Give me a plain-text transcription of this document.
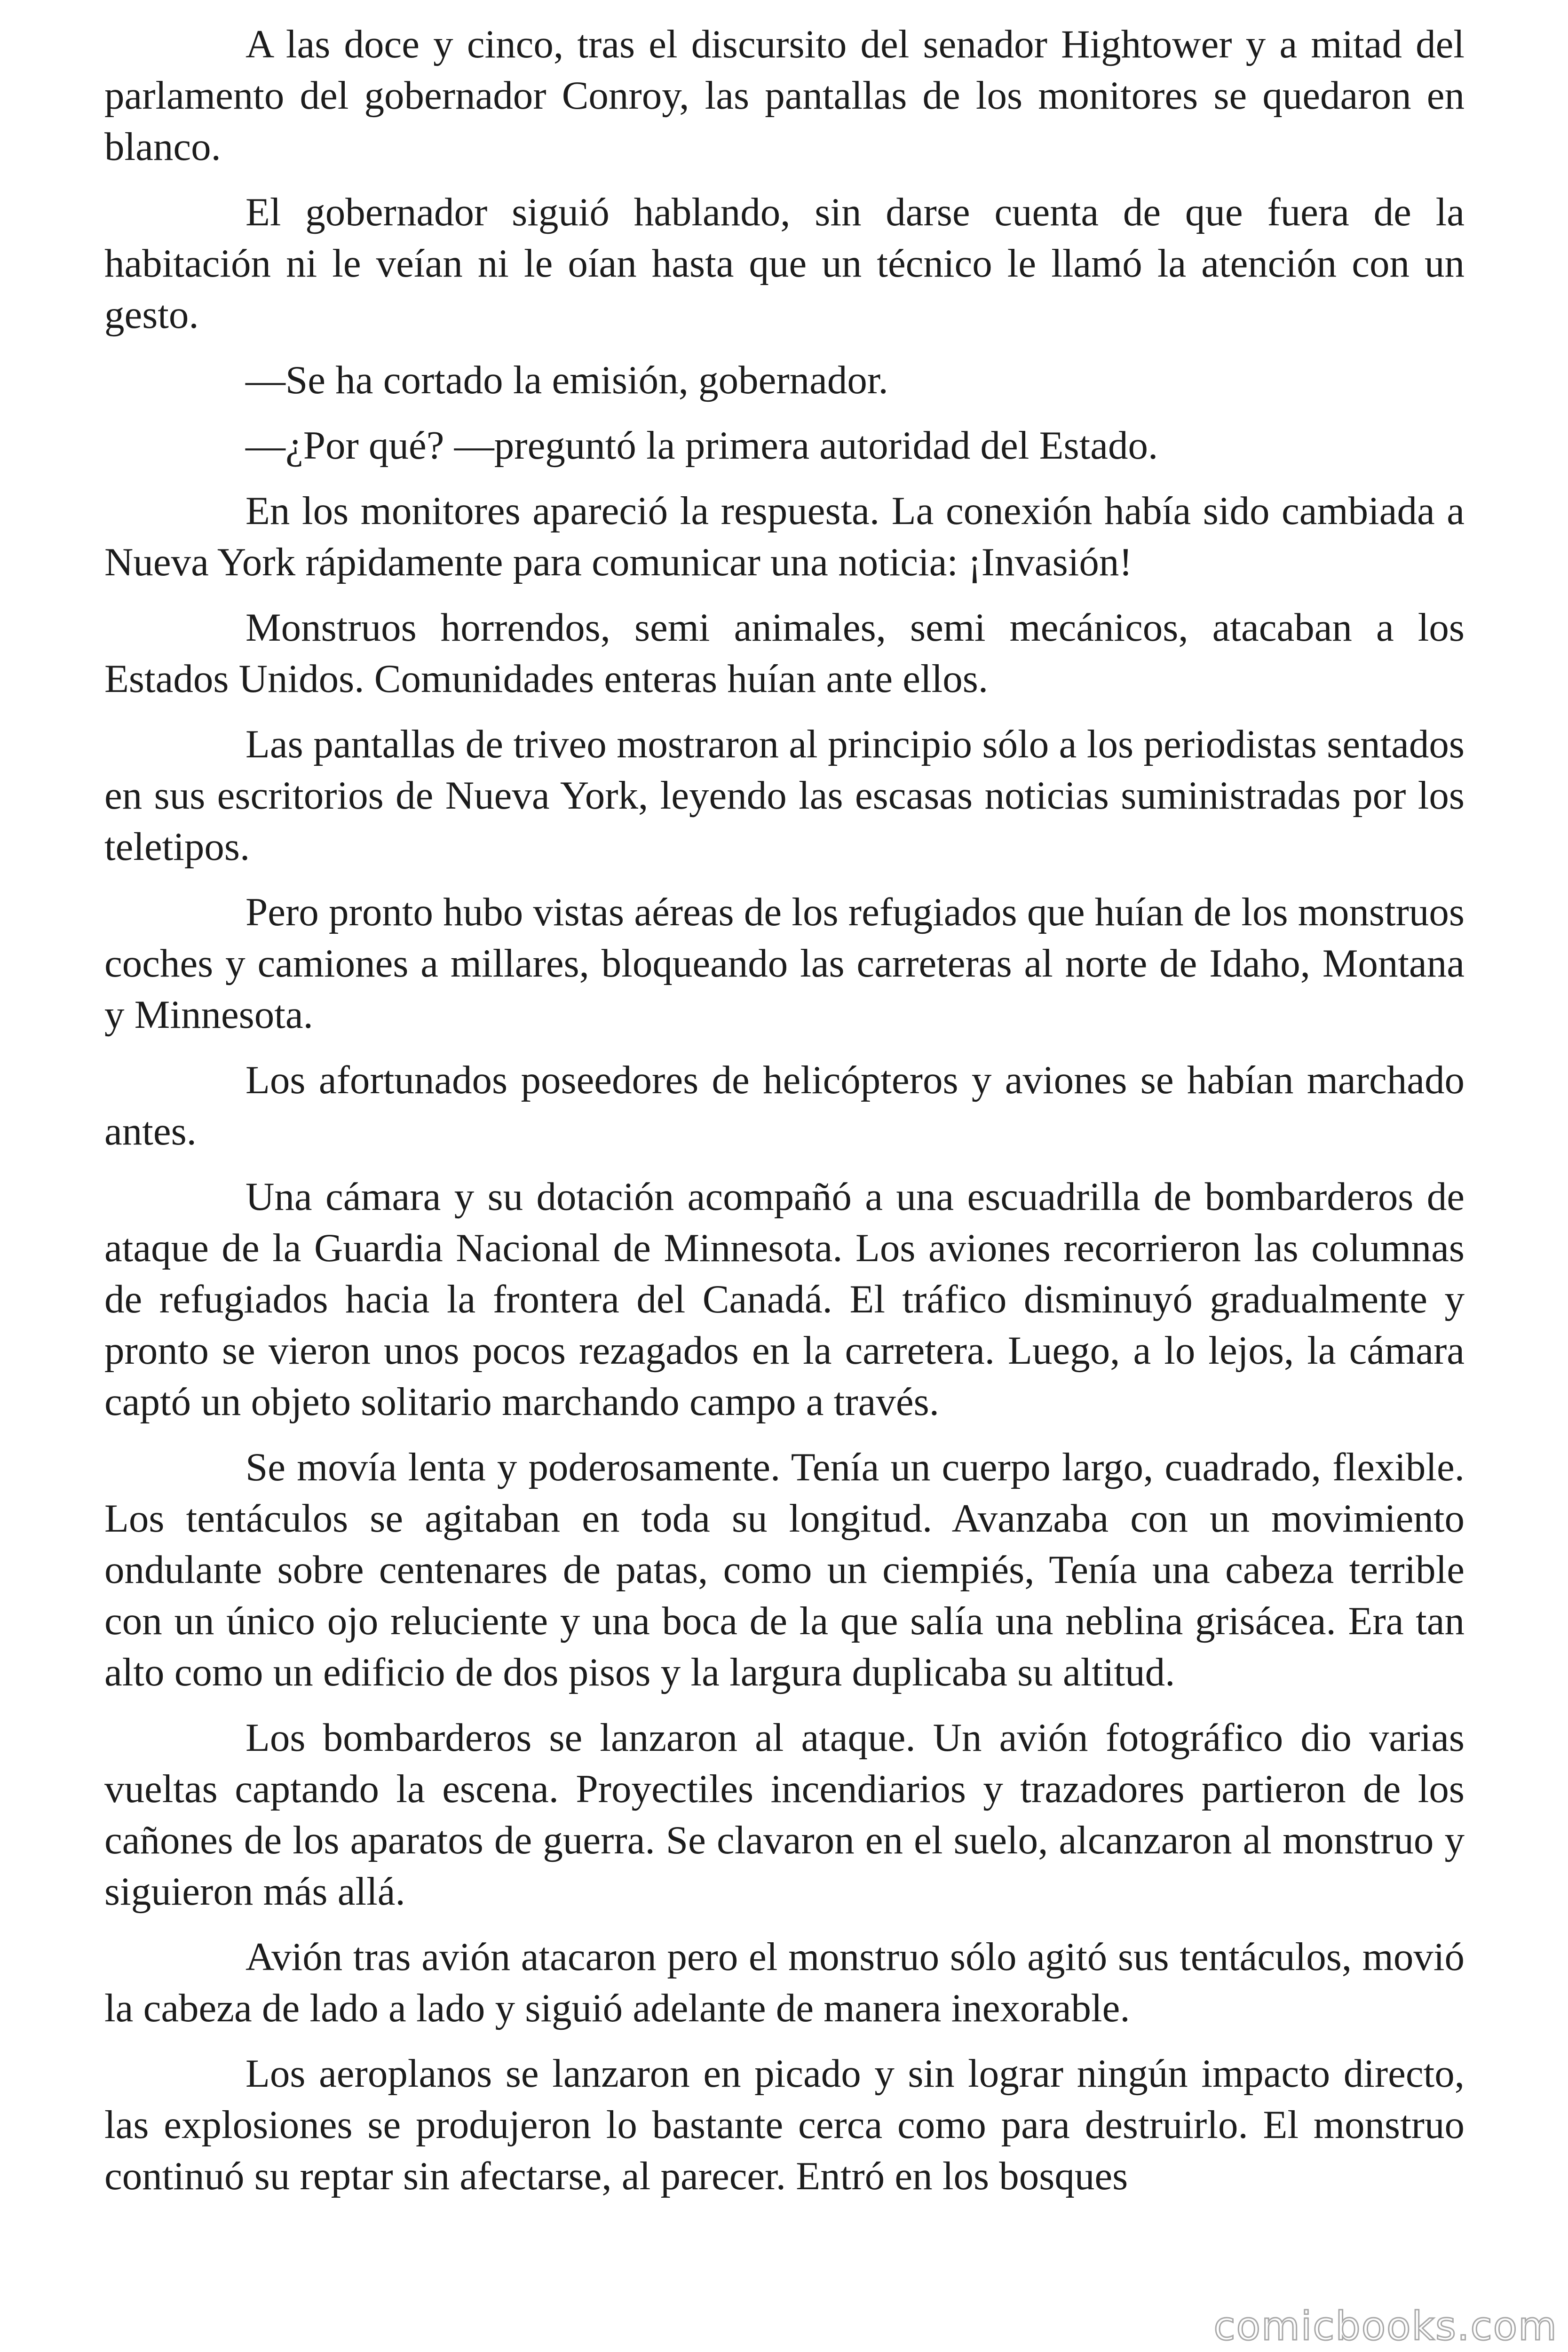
A las doce y cinco, tras el discursito del senador Hightower y a mitad del parlamento del gobernador Conroy, las pantallas de los monitores se quedaron en blanco.

El gobernador siguió hablando, sin darse cuenta de que fuera de la habitación ni le veían ni le oían hasta que un técnico le llamó la atención con un gesto.

—Se ha cortado la emisión, gobernador.

—¿Por qué? —preguntó la primera autoridad del Estado.

En los monitores apareció la respuesta. La conexión había sido cambiada a Nueva York rápidamente para comunicar una noticia: ¡Invasión!

Monstruos horrendos, semi animales, semi mecánicos, atacaban a los Estados Unidos. Comunidades enteras huían ante ellos.

Las pantallas de triveo mostraron al principio sólo a los periodistas sentados en sus escritorios de Nueva York, leyendo las escasas noticias suministradas por los teletipos.

Pero pronto hubo vistas aéreas de los refugiados que huían de los monstruos coches y camiones a millares, bloqueando las carreteras al norte de Idaho, Montana y Minnesota.

Los afortunados poseedores de helicópteros y aviones se habían marchado antes.

Una cámara y su dotación acompañó a una escuadrilla de bombarderos de ataque de la Guardia Nacional de Minnesota. Los aviones recorrieron las columnas de refugiados hacia la frontera del Canadá. El tráfico disminuyó gradualmente y pronto se vieron unos pocos rezagados en la carretera. Luego, a lo lejos, la cámara captó un objeto solitario marchando campo a través.

Se movía lenta y poderosamente. Tenía un cuerpo largo, cuadrado, flexible. Los tentáculos se agitaban en toda su longitud. Avanzaba con un movimiento ondulante sobre centenares de patas, como un ciempiés, Tenía una cabeza terrible con un único ojo reluciente y una boca de la que salía una neblina grisácea. Era tan alto como un edificio de dos pisos y la largura duplicaba su altitud.

Los bombarderos se lanzaron al ataque. Un avión fotográfico dio varias vueltas captando la escena. Proyectiles incendiarios y trazadores partieron de los cañones de los aparatos de guerra. Se clavaron en el suelo, alcanzaron al monstruo y siguieron más allá.

Avión tras avión atacaron pero el monstruo sólo agitó sus tentáculos, movió la cabeza de lado a lado y siguió adelante de manera inexorable.

Los aeroplanos se lanzaron en picado y sin lograr ningún impacto directo, las explosiones se produjeron lo bastante cerca como para destruirlo. El monstruo continuó su reptar sin afectarse, al parecer. Entró en los bosques

comicbooks.com
